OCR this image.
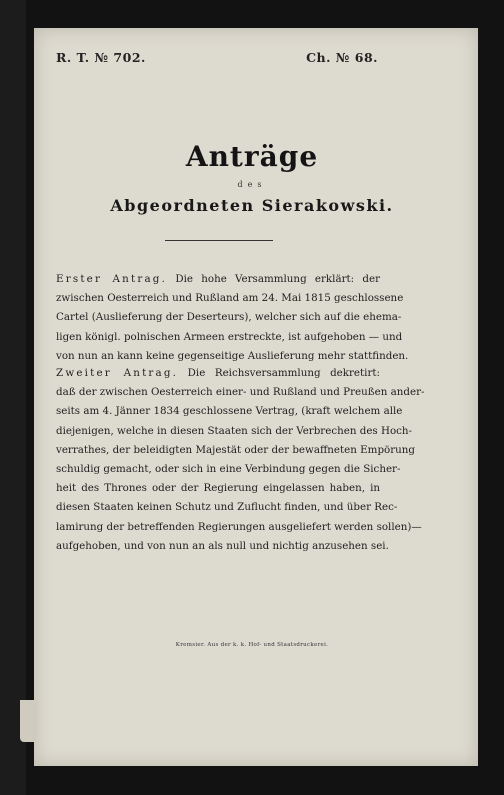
R. T. № 702.	Ch. № 68.
Anträge
des
Abgeordneten Sierakowski.
Erster Antrag. Die hohe Versammlung erklärt: der
zwischen Oesterreich und Rußland am 24. Mai 1815 geschlossene
Cartel (Auslieferung der Deserteurs), welcher sich auf die ehema-
ligen königl. polnischen Armeen erstreckte, ist aufgehoben — und
von nun an kann keine gegenseitige Auslieferung mehr stattfinden.
Zweiter Antrag. Die Reichsversammlung dekretirt:
daß der zwischen Oesterreich einer- und Rußland und Preußen ander-
seits am 4. Jänner 1834 geschlossene Vertrag, (kraft welchem alle
diejenigen, welche in diesen Staaten sich der Verbrechen des Hoch-
verrathes, der beleidigten Majestät oder der bewaffneten Empörung
schuldig gemacht, oder sich in eine Verbindung gegen die Sicher-
heit des Thrones oder der Regierung eingelassen haben, in
diesen Staaten keinen Schutz und Zuflucht finden, und über Rec-
lamirung der betreffenden Regierungen ausgeliefert werden sollen)—
aufgehoben, und von nun an als null und nichtig anzusehen sei.
Kremsier. Aus der k. k. Hof- und Staatsdruckerei.
